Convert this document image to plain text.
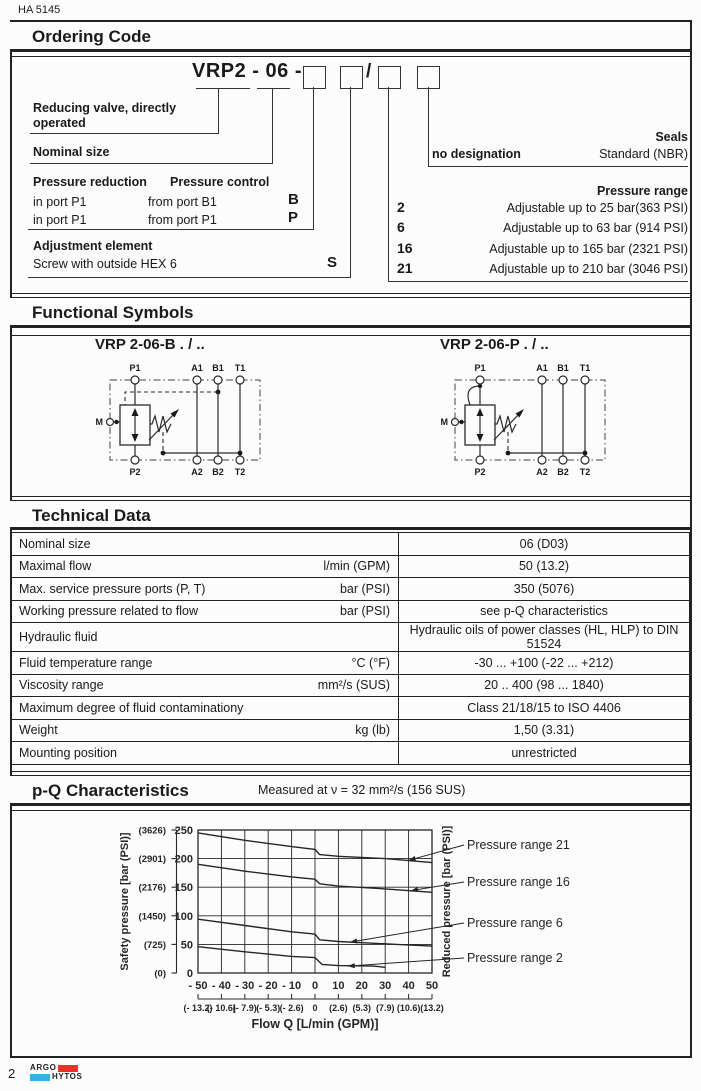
HA 5145
Ordering Code
Functional Symbols
Technical Data
p-Q Characteristics	Measured at ν = 32 mm²/s (156 SUS)
VRP2 - 06 -	/
Reducing valve, directly operated
Nominal size
Seals
no designation	Standard (NBR)
Pressure reduction Pressure control
in port P1	from port B1	B
in port P1	from port P1	P
Adjustment element
Screw with outside HEX 6	S
Pressure range
2	Adjustable up to 25 bar(363 PSI)
6	Adjustable up to 63 bar (914 PSI)
16	Adjustable up to 165 bar (2321 PSI)
21	Adjustable up to 210 bar (3046 PSI)
VRP 2-06-B . / ..	VRP 2-06-P . / ..
P1	A1 B1 T1
P2	A2 B2 T2
M
P1	A1 B1 T1
P2	A2 B2 T2
M
Nominal size	06 (D03)

Maximal flow l/min (GPM)	50 (13.2)

Max. service pressure ports (P, T) bar (PSI)	350 (5076)

Working pressure related to flow bar (PSI)	see p-Q characteristics

Hydraulic fluid	Hydraulic oils of power classes (HL, HLP) to DIN 51524

Fluid temperature range °C (°F)	-30 ... +100 (-22 ... +212)

Viscosity range mm²/s (SUS)	20 .. 400 (98 ... 1840)

Maximum degree of fluid contaminationy	Class 21/18/15 to ISO 4406

Weight kg (lb)	1,50 (3.31)

Mounting position	unrestricted
0
(0)
50
(725)
100
(1450)
150
(2176)
200
(2901)
250
(3626)
- 50
(- 13.2)
- 40
(- 10.6)
- 30
(- 7.9)
- 20
(- 5.3)
- 10
(- 2.6)
0
0
10
(2.6)
20
(5.3)
30
(7.9)
40
(10.6)
50
(13.2)
Flow Q [L/min (GPM)]
Safety pressure [bar (PSI)]	Reduced pressure [bar (PSI)] Pressure range 21
Pressure range 16
Pressure range 6
Pressure range 2
2 ARGO
HYTOS
